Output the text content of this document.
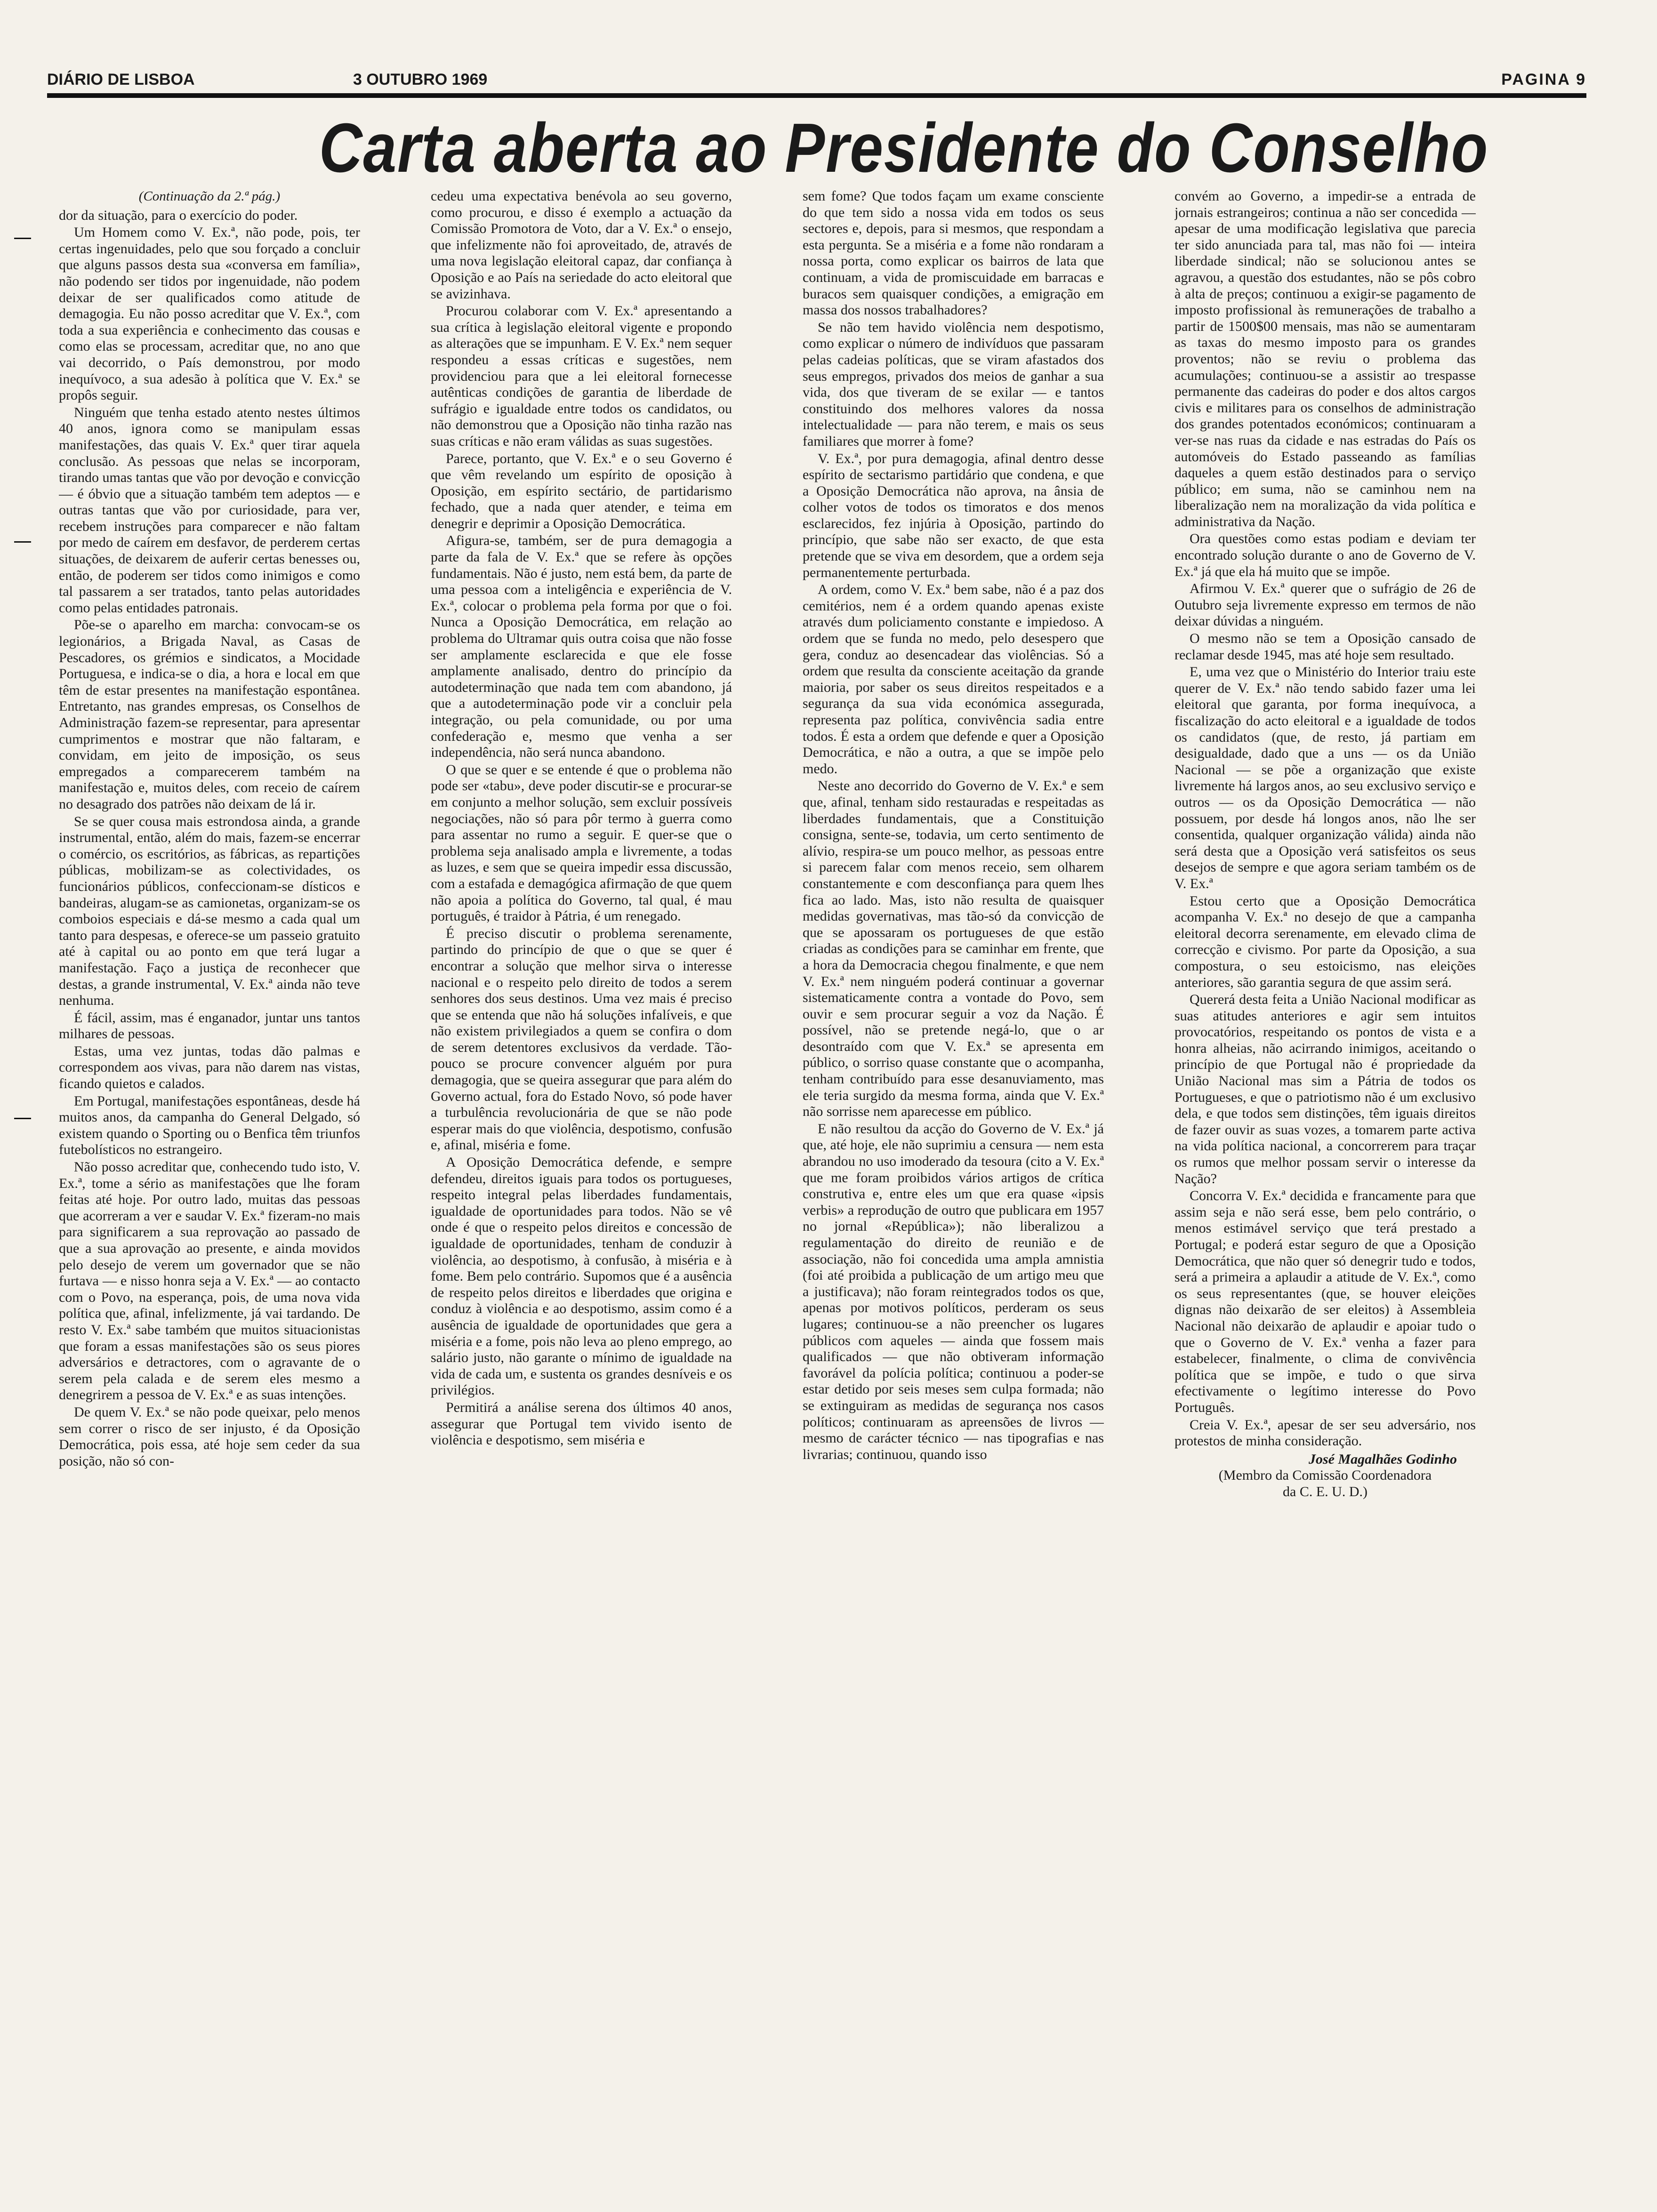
DIÁRIO DE LISBOA	3 OUTUBRO 1969	PAGINA 9
Carta aberta ao Presidente do Conselho
(Continuação da 2.ª pág.)

dor da situação, para o exercício do poder.

Um Homem como V. Ex.ª, não pode, pois, ter certas ingenuidades, pelo que sou forçado a concluir que alguns passos desta sua «conversa em família», não podendo ser tidos por ingenuidade, não podem deixar de ser qualificados como atitude de demagogia. Eu não posso acreditar que V. Ex.ª, com toda a sua experiência e conhecimento das cousas e como elas se processam, acreditar que, no ano que vai decorrido, o País demonstrou, por modo inequívoco, a sua adesão à política que V. Ex.ª se propôs seguir.

Ninguém que tenha estado atento nestes últimos 40 anos, ignora como se manipulam essas manifestações, das quais V. Ex.ª quer tirar aquela conclusão. As pessoas que nelas se incorporam, tirando umas tantas que vão por devoção e convicção — é óbvio que a situação também tem adeptos — e outras tantas que vão por curiosidade, para ver, recebem instruções para comparecer e não faltam por medo de caírem em desfavor, de perderem certas situações, de deixarem de auferir certas benesses ou, então, de poderem ser tidos como inimigos e como tal passarem a ser tratados, tanto pelas autoridades como pelas entidades patronais.

Põe-se o aparelho em marcha: convocam-se os legionários, a Brigada Naval, as Casas de Pescadores, os grémios e sindicatos, a Mocidade Portuguesa, e indica-se o dia, a hora e local em que têm de estar presentes na manifestação espontânea. Entretanto, nas grandes empresas, os Conselhos de Administração fazem-se representar, para apresentar cumprimentos e mostrar que não faltaram, e convidam, em jeito de imposição, os seus empregados a comparecerem também na manifestação e, muitos deles, com receio de caírem no desagrado dos patrões não deixam de lá ir.

Se se quer cousa mais estrondosa ainda, a grande instrumental, então, além do mais, fazem-se encerrar o comércio, os escritórios, as fábricas, as repartições públicas, mobilizam-se as colectividades, os funcionários públicos, confeccionam-se dísticos e bandeiras, alugam-se as camionetas, organizam-se os comboios especiais e dá-se mesmo a cada qual um tanto para despesas, e oferece-se um passeio gratuito até à capital ou ao ponto em que terá lugar a manifestação. Faço a justiça de reconhecer que destas, a grande instrumental, V. Ex.ª ainda não teve nenhuma.

É fácil, assim, mas é enganador, juntar uns tantos milhares de pessoas.

Estas, uma vez juntas, todas dão palmas e correspondem aos vivas, para não darem nas vistas, ficando quietos e calados.

Em Portugal, manifestações espontâneas, desde há muitos anos, da campanha do General Delgado, só existem quando o Sporting ou o Benfica têm triunfos futebolísticos no estrangeiro.

Não posso acreditar que, conhecendo tudo isto, V. Ex.ª, tome a sério as manifestações que lhe foram feitas até hoje. Por outro lado, muitas das pessoas que acorreram a ver e saudar V. Ex.ª fizeram-no mais para significarem a sua reprovação ao passado de que a sua aprovação ao presente, e ainda movidos pelo desejo de verem um governador que se não furtava — e nisso honra seja a V. Ex.ª — ao contacto com o Povo, na esperança, pois, de uma nova vida política que, afinal, infelizmente, já vai tardando. De resto V. Ex.ª sabe também que muitos situacionistas que foram a essas manifestações são os seus piores adversários e detractores, com o agravante de o serem pela calada e de serem eles mesmo a denegrirem a pessoa de V. Ex.ª e as suas intenções.

De quem V. Ex.ª se não pode queixar, pelo menos sem correr o risco de ser injusto, é da Oposição Democrática, pois essa, até hoje sem ceder da sua posição, não só con-

cedeu uma expectativa benévola ao seu governo, como procurou, e disso é exemplo a actuação da Comissão Promotora de Voto, dar a V. Ex.ª o ensejo, que infelizmente não foi aproveitado, de, através de uma nova legislação eleitoral capaz, dar confiança à Oposição e ao País na seriedade do acto eleitoral que se avizinhava.

Procurou colaborar com V. Ex.ª apresentando a sua crítica à legislação eleitoral vigente e propondo as alterações que se impunham. E V. Ex.ª nem sequer respondeu a essas críticas e sugestões, nem providenciou para que a lei eleitoral fornecesse autênticas condições de garantia de liberdade de sufrágio e igualdade entre todos os candidatos, ou não demonstrou que a Oposição não tinha razão nas suas críticas e não eram válidas as suas sugestões.

Parece, portanto, que V. Ex.ª e o seu Governo é que vêm revelando um espírito de oposição à Oposição, em espírito sectário, de partidarismo fechado, que a nada quer atender, e teima em denegrir e deprimir a Oposição Democrática.

Afigura-se, também, ser de pura demagogia a parte da fala de V. Ex.ª que se refere às opções fundamentais. Não é justo, nem está bem, da parte de uma pessoa com a inteligência e experiência de V. Ex.ª, colocar o problema pela forma por que o foi. Nunca a Oposição Democrática, em relação ao problema do Ultramar quis outra coisa que não fosse ser amplamente esclarecida e que ele fosse amplamente analisado, dentro do princípio da autodeterminação que nada tem com abandono, já que a autodeterminação pode vir a concluir pela integração, ou pela comunidade, ou por uma confederação e, mesmo que venha a ser independência, não será nunca abandono.

O que se quer e se entende é que o problema não pode ser «tabu», deve poder discutir-se e procurar-se em conjunto a melhor solução, sem excluir possíveis negociações, não só para pôr termo à guerra como para assentar no rumo a seguir. E quer-se que o problema seja analisado ampla e livremente, a todas as luzes, e sem que se queira impedir essa discussão, com a estafada e demagógica afirmação de que quem não apoia a política do Governo, tal qual, é mau português, é traidor à Pátria, é um renegado.

É preciso discutir o problema serenamente, partindo do princípio de que o que se quer é encontrar a solução que melhor sirva o interesse nacional e o respeito pelo direito de todos a serem senhores dos seus destinos. Uma vez mais é preciso que se entenda que não há soluções infalíveis, e que não existem privilegiados a quem se confira o dom de serem detentores exclusivos da verdade. Tão-pouco se procure convencer alguém por pura demagogia, que se queira assegurar que para além do Governo actual, fora do Estado Novo, só pode haver a turbulência revolucionária de que se não pode esperar mais do que violência, despotismo, confusão e, afinal, miséria e fome.

A Oposição Democrática defende, e sempre defendeu, direitos iguais para todos os portugueses, respeito integral pelas liberdades fundamentais, igualdade de oportunidades para todos. Não se vê onde é que o respeito pelos direitos e concessão de igualdade de oportunidades, tenham de conduzir à violência, ao despotismo, à confusão, à miséria e à fome. Bem pelo contrário. Supomos que é a ausência de respeito pelos direitos e liberdades que origina e conduz à violência e ao despotismo, assim como é a ausência de igualdade de oportunidades que gera a miséria e a fome, pois não leva ao pleno emprego, ao salário justo, não garante o mínimo de igualdade na vida de cada um, e sustenta os grandes desníveis e os privilégios.

Permitirá a análise serena dos últimos 40 anos, assegurar que Portugal tem vivido isento de violência e despotismo, sem miséria e

sem fome? Que todos façam um exame consciente do que tem sido a nossa vida em todos os seus sectores e, depois, para si mesmos, que respondam a esta pergunta. Se a miséria e a fome não rondaram a nossa porta, como explicar os bairros de lata que continuam, a vida de promiscuidade em barracas e buracos sem quaisquer condições, a emigração em massa dos nossos trabalhadores?

Se não tem havido violência nem despotismo, como explicar o número de indivíduos que passaram pelas cadeias políticas, que se viram afastados dos seus empregos, privados dos meios de ganhar a sua vida, dos que tiveram de se exilar — e tantos constituindo dos melhores valores da nossa intelectualidade — para não terem, e mais os seus familiares que morrer à fome?

V. Ex.ª, por pura demagogia, afinal dentro desse espírito de sectarismo partidário que condena, e que a Oposição Democrática não aprova, na ânsia de colher votos de todos os timoratos e dos menos esclarecidos, fez injúria à Oposição, partindo do princípio, que sabe não ser exacto, de que esta pretende que se viva em desordem, que a ordem seja permanentemente perturbada.

A ordem, como V. Ex.ª bem sabe, não é a paz dos cemitérios, nem é a ordem quando apenas existe através dum policiamento constante e impiedoso. A ordem que se funda no medo, pelo desespero que gera, conduz ao desencadear das violências. Só a ordem que resulta da consciente aceitação da grande maioria, por saber os seus direitos respeitados e a segurança da sua vida económica assegurada, representa paz política, convivência sadia entre todos. É esta a ordem que defende e quer a Oposição Democrática, e não a outra, a que se impõe pelo medo.

Neste ano decorrido do Governo de V. Ex.ª e sem que, afinal, tenham sido restauradas e respeitadas as liberdades fundamentais, que a Constituição consigna, sente-se, todavia, um certo sentimento de alívio, respira-se um pouco melhor, as pessoas entre si parecem falar com menos receio, sem olharem constantemente e com desconfiança para quem lhes fica ao lado. Mas, isto não resulta de quaisquer medidas governativas, mas tão-só da convicção de que se apossaram os portugueses de que estão criadas as condições para se caminhar em frente, que a hora da Democracia chegou finalmente, e que nem V. Ex.ª nem ninguém poderá continuar a governar sistematicamente contra a vontade do Povo, sem ouvir e sem procurar seguir a voz da Nação. É possível, não se pretende negá-lo, que o ar desontraído com que V. Ex.ª se apresenta em público, o sorriso quase constante que o acompanha, tenham contribuído para esse desanuviamento, mas ele teria surgido da mesma forma, ainda que V. Ex.ª não sorrisse nem aparecesse em público.

E não resultou da acção do Governo de V. Ex.ª já que, até hoje, ele não suprimiu a censura — nem esta abrandou no uso imoderado da tesoura (cito a V. Ex.ª que me foram proibidos vários artigos de crítica construtiva e, entre eles um que era quase «ipsis verbis» a reprodução de outro que publicara em 1957 no jornal «República»); não liberalizou a regulamentação do direito de reunião e de associação, não foi concedida uma ampla amnistia (foi até proibida a publicação de um artigo meu que a justificava); não foram reintegrados todos os que, apenas por motivos políticos, perderam os seus lugares; continuou-se a não preencher os lugares públicos com aqueles — ainda que fossem mais qualificados — que não obtiveram informação favorável da polícia política; continuou a poder-se estar detido por seis meses sem culpa formada; não se extinguiram as medidas de segurança nos casos políticos; continuaram as apreensões de livros — mesmo de carácter técnico — nas tipografias e nas livrarias; continuou, quando isso

convém ao Governo, a impedir-se a entrada de jornais estrangeiros; continua a não ser concedida — apesar de uma modificação legislativa que parecia ter sido anunciada para tal, mas não foi — inteira liberdade sindical; não se solucionou antes se agravou, a questão dos estudantes, não se pôs cobro à alta de preços; continuou a exigir-se pagamento de imposto profissional às remunerações de trabalho a partir de 1500$00 mensais, mas não se aumentaram as taxas do mesmo imposto para os grandes proventos; não se reviu o problema das acumulações; continuou-se a assistir ao trespasse permanente das cadeiras do poder e dos altos cargos civis e militares para os conselhos de administração dos grandes potentados económicos; continuaram a ver-se nas ruas da cidade e nas estradas do País os automóveis do Estado passeando as famílias daqueles a quem estão destinados para o serviço público; em suma, não se caminhou nem na liberalização nem na moralização da vida política e administrativa da Nação.

Ora questões como estas podiam e deviam ter encontrado solução durante o ano de Governo de V. Ex.ª já que ela há muito que se impõe.

Afirmou V. Ex.ª querer que o sufrágio de 26 de Outubro seja livremente expresso em termos de não deixar dúvidas a ninguém.

O mesmo não se tem a Oposição cansado de reclamar desde 1945, mas até hoje sem resultado.

E, uma vez que o Ministério do Interior traiu este querer de V. Ex.ª não tendo sabido fazer uma lei eleitoral que garanta, por forma inequívoca, a fiscalização do acto eleitoral e a igualdade de todos os candidatos (que, de resto, já partiam em desigualdade, dado que a uns — os da União Nacional — se põe a organização que existe livremente há largos anos, ao seu exclusivo serviço e outros — os da Oposição Democrática — não possuem, por desde há longos anos, não lhe ser consentida, qualquer organização válida) ainda não será desta que a Oposição verá satisfeitos os seus desejos de sempre e que agora seriam também os de V. Ex.ª

Estou certo que a Oposição Democrática acompanha V. Ex.ª no desejo de que a campanha eleitoral decorra serenamente, em elevado clima de correcção e civismo. Por parte da Oposição, a sua compostura, o seu estoicismo, nas eleições anteriores, são garantia segura de que assim será.

Quererá desta feita a União Nacional modificar as suas atitudes anteriores e agir sem intuitos provocatórios, respeitando os pontos de vista e a honra alheias, não acirrando inimigos, aceitando o princípio de que Portugal não é propriedade da União Nacional mas sim a Pátria de todos os Portugueses, e que o patriotismo não é um exclusivo dela, e que todos sem distinções, têm iguais direitos de fazer ouvir as suas vozes, a tomarem parte activa na vida política nacional, a concorrerem para traçar os rumos que melhor possam servir o interesse da Nação?

Concorra V. Ex.ª decidida e francamente para que assim seja e não será esse, bem pelo contrário, o menos estimável serviço que terá prestado a Portugal; e poderá estar seguro de que a Oposição Democrática, que não quer só denegrir tudo e todos, será a primeira a aplaudir a atitude de V. Ex.ª, como os seus representantes (que, se houver eleições dignas não deixarão de ser eleitos) à Assembleia Nacional não deixarão de aplaudir e apoiar tudo o que o Governo de V. Ex.ª venha a fazer para estabelecer, finalmente, o clima de convivência política que se impõe, e tudo o que sirva efectivamente o legítimo interesse do Povo Português.

Creia V. Ex.ª, apesar de ser seu adversário, nos protestos de minha consideração.

José Magalhães Godinho
(Membro da Comissão Coordenadora
da C. E. U. D.)
